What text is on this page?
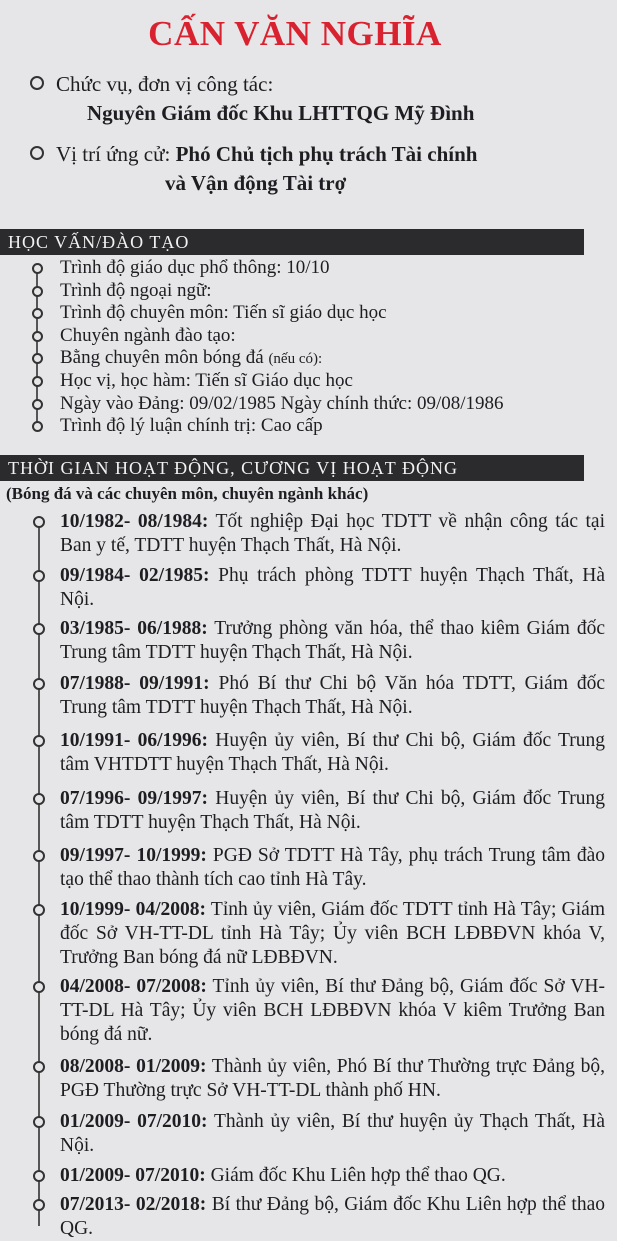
CẤN VĂN NGHĨA
Chức vụ, đơn vị công tác:
Nguyên Giám đốc Khu LHTTQG Mỹ Đình
Vị trí ứng cử: Phó Chủ tịch phụ trách Tài chính
và Vận động Tài trợ
HỌC VẤN/ĐÀO TẠO
Trình độ giáo dục phổ thông: 10/10
Trình độ ngoại ngữ:
Trình độ chuyên môn: Tiến sĩ giáo dục học
Chuyên ngành đào tạo:
Bằng chuyên môn bóng đá (nếu có):
Học vị, học hàm: Tiến sĩ Giáo dục học
Ngày vào Đảng: 09/02/1985 Ngày chính thức: 09/08/1986
Trình độ lý luận chính trị: Cao cấp
THỜI GIAN HOẠT ĐỘNG, CƯƠNG VỊ HOẠT ĐỘNG
(Bóng đá và các chuyên môn, chuyên ngành khác)
10/1982- 08/1984: Tốt nghiệp Đại học TDTT về nhận công tác tại Ban y tế, TDTT huyện Thạch Thất, Hà Nội.
09/1984- 02/1985: Phụ trách phòng TDTT huyện Thạch Thất, Hà Nội.
03/1985- 06/1988: Trưởng phòng văn hóa, thể thao kiêm Giám đốc Trung tâm TDTT huyện Thạch Thất, Hà Nội.
07/1988- 09/1991: Phó Bí thư Chi bộ Văn hóa TDTT, Giám đốc Trung tâm TDTT huyện Thạch Thất, Hà Nội.
10/1991- 06/1996: Huyện ủy viên, Bí thư Chi bộ, Giám đốc Trung tâm VHTDTT huyện Thạch Thất, Hà Nội.
07/1996- 09/1997: Huyện ủy viên, Bí thư Chi bộ, Giám đốc Trung tâm TDTT huyện Thạch Thất, Hà Nội.
09/1997- 10/1999: PGĐ Sở TDTT Hà Tây, phụ trách Trung tâm đào tạo thể thao thành tích cao tỉnh Hà Tây.
10/1999- 04/2008: Tỉnh ủy viên, Giám đốc TDTT tỉnh Hà Tây; Giám đốc Sở VH-TT-DL tỉnh Hà Tây; Ủy viên BCH LĐBĐVN khóa V, Trưởng Ban bóng đá nữ LĐBĐVN.
04/2008- 07/2008: Tỉnh ủy viên, Bí thư Đảng bộ, Giám đốc Sở VH-TT-DL Hà Tây; Ủy viên BCH LĐBĐVN khóa V kiêm Trưởng Ban bóng đá nữ.
08/2008- 01/2009: Thành ủy viên, Phó Bí thư Thường trực Đảng bộ, PGĐ Thường trực Sở VH-TT-DL thành phố HN.
01/2009- 07/2010: Thành ủy viên, Bí thư huyện ủy Thạch Thất, Hà Nội.
01/2009- 07/2010: Giám đốc Khu Liên hợp thể thao QG.
07/2013- 02/2018: Bí thư Đảng bộ, Giám đốc Khu Liên hợp thể thao QG.
